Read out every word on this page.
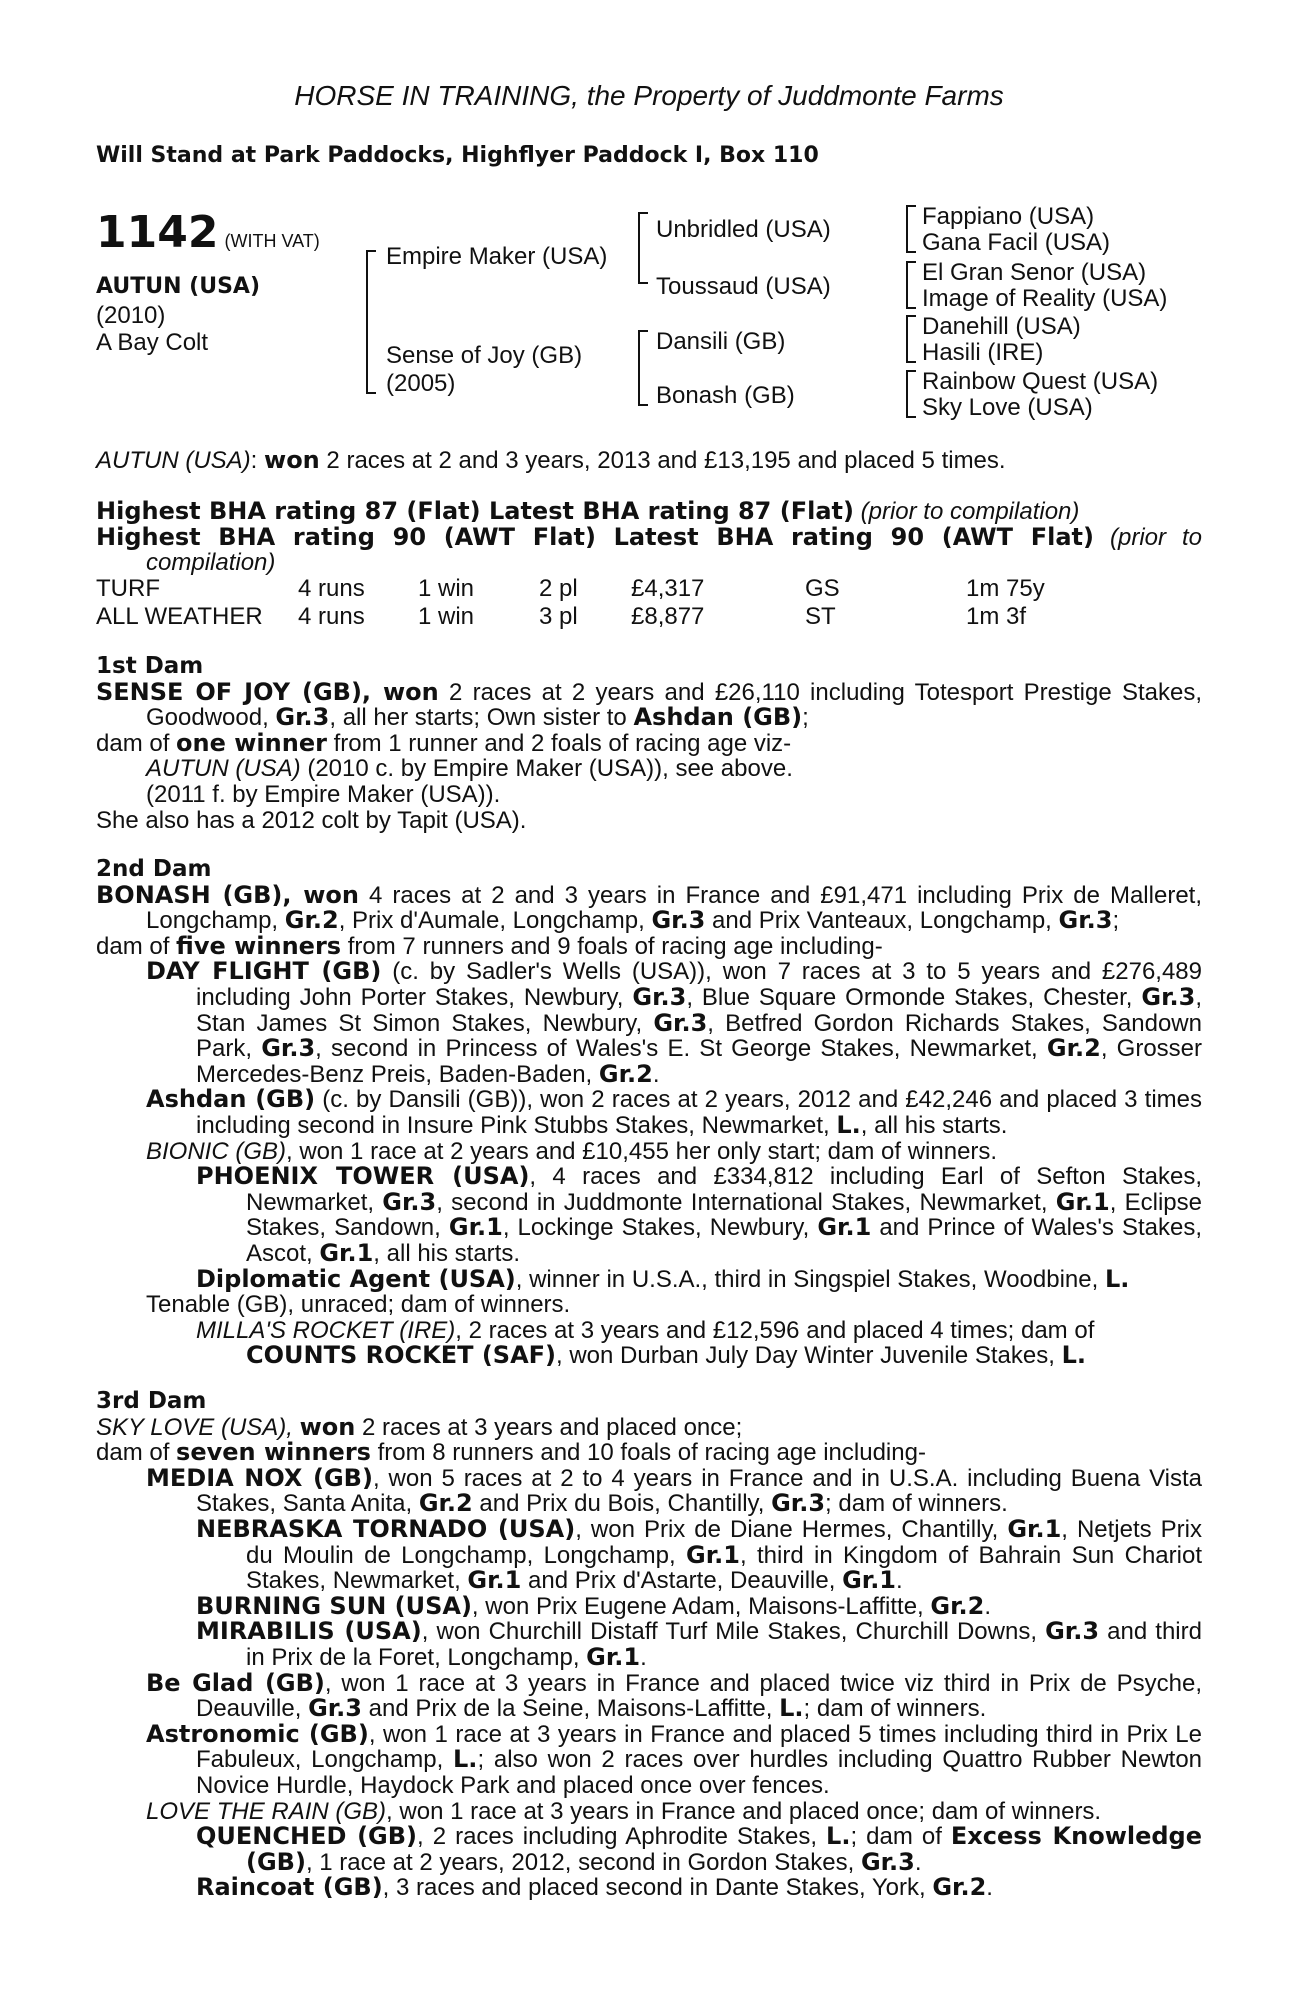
HORSE IN TRAINING, the Property of Juddmonte Farms
Will Stand at Park Paddocks, Highflyer Paddock I, Box 110
1142 (WITH VAT)
AUTUN (USA)
(2010)
A Bay Colt
Empire Maker (USA)
Sense of Joy (GB)
(2005)
Unbridled (USA)
Toussaud (USA)
Dansili (GB)
Bonash (GB)
Fappiano (USA)
Gana Facil (USA)
El Gran Senor (USA)
Image of Reality (USA)
Danehill (USA)
Hasili (IRE)
Rainbow Quest (USA)
Sky Love (USA)

AUTUN (USA): won 2 races at 2 and 3 years, 2013 and £13,195 and placed 5 times.

Highest BHA rating 87 (Flat) Latest BHA rating 87 (Flat) (prior to compilation)

Highest BHA rating 90 (AWT Flat) Latest BHA rating 90 (AWT Flat) (prior to compilation)

TURF	4 runs	1 win	2 pl	£4,317	GS	1m 75y
ALL WEATHER	4 runs	1 win	3 pl	£8,877	ST	1m 3f

1st Dam

SENSE OF JOY (GB), won 2 races at 2 years and £26,110 including Totesport Prestige Stakes, Goodwood, Gr.3, all her starts; Own sister to Ashdan (GB);

dam of one winner from 1 runner and 2 foals of racing age viz-

AUTUN (USA) (2010 c. by Empire Maker (USA)), see above.

(2011 f. by Empire Maker (USA)).

She also has a 2012 colt by Tapit (USA).

2nd Dam

BONASH (GB), won 4 races at 2 and 3 years in France and £91,471 including Prix de Malleret, Longchamp, Gr.2, Prix d'Aumale, Longchamp, Gr.3 and Prix Vanteaux, Longchamp, Gr.3;

dam of five winners from 7 runners and 9 foals of racing age including-

DAY FLIGHT (GB) (c. by Sadler's Wells (USA)), won 7 races at 3 to 5 years and £276,489 including John Porter Stakes, Newbury, Gr.3, Blue Square Ormonde Stakes, Chester, Gr.3, Stan James St Simon Stakes, Newbury, Gr.3, Betfred Gordon Richards Stakes, Sandown Park, Gr.3, second in Princess of Wales's E. St George Stakes, Newmarket, Gr.2, Grosser Mercedes-Benz Preis, Baden-Baden, Gr.2.

Ashdan (GB) (c. by Dansili (GB)), won 2 races at 2 years, 2012 and £42,246 and placed 3 times including second in Insure Pink Stubbs Stakes, Newmarket, L., all his starts.

BIONIC (GB), won 1 race at 2 years and £10,455 her only start; dam of winners.

PHOENIX TOWER (USA), 4 races and £334,812 including Earl of Sefton Stakes, Newmarket, Gr.3, second in Juddmonte International Stakes, Newmarket, Gr.1, Eclipse Stakes, Sandown, Gr.1, Lockinge Stakes, Newbury, Gr.1 and Prince of Wales's Stakes, Ascot, Gr.1, all his starts.

Diplomatic Agent (USA), winner in U.S.A., third in Singspiel Stakes, Woodbine, L.

Tenable (GB), unraced; dam of winners.

MILLA'S ROCKET (IRE), 2 races at 3 years and £12,596 and placed 4 times; dam of

COUNTS ROCKET (SAF), won Durban July Day Winter Juvenile Stakes, L.

3rd Dam

SKY LOVE (USA), won 2 races at 3 years and placed once;

dam of seven winners from 8 runners and 10 foals of racing age including-

MEDIA NOX (GB), won 5 races at 2 to 4 years in France and in U.S.A. including Buena Vista Stakes, Santa Anita, Gr.2 and Prix du Bois, Chantilly, Gr.3; dam of winners.

NEBRASKA TORNADO (USA), won Prix de Diane Hermes, Chantilly, Gr.1, Netjets Prix du Moulin de Longchamp, Longchamp, Gr.1, third in Kingdom of Bahrain Sun Chariot Stakes, Newmarket, Gr.1 and Prix d'Astarte, Deauville, Gr.1.

BURNING SUN (USA), won Prix Eugene Adam, Maisons-Laffitte, Gr.2.

MIRABILIS (USA), won Churchill Distaff Turf Mile Stakes, Churchill Downs, Gr.3 and third in Prix de la Foret, Longchamp, Gr.1.

Be Glad (GB), won 1 race at 3 years in France and placed twice viz third in Prix de Psyche, Deauville, Gr.3 and Prix de la Seine, Maisons-Laffitte, L.; dam of winners.

Astronomic (GB), won 1 race at 3 years in France and placed 5 times including third in Prix Le Fabuleux, Longchamp, L.; also won 2 races over hurdles including Quattro Rubber Newton Novice Hurdle, Haydock Park and placed once over fences.

LOVE THE RAIN (GB), won 1 race at 3 years in France and placed once; dam of winners.

QUENCHED (GB), 2 races including Aphrodite Stakes, L.; dam of Excess Knowledge (GB), 1 race at 2 years, 2012, second in Gordon Stakes, Gr.3.

Raincoat (GB), 3 races and placed second in Dante Stakes, York, Gr.2.
